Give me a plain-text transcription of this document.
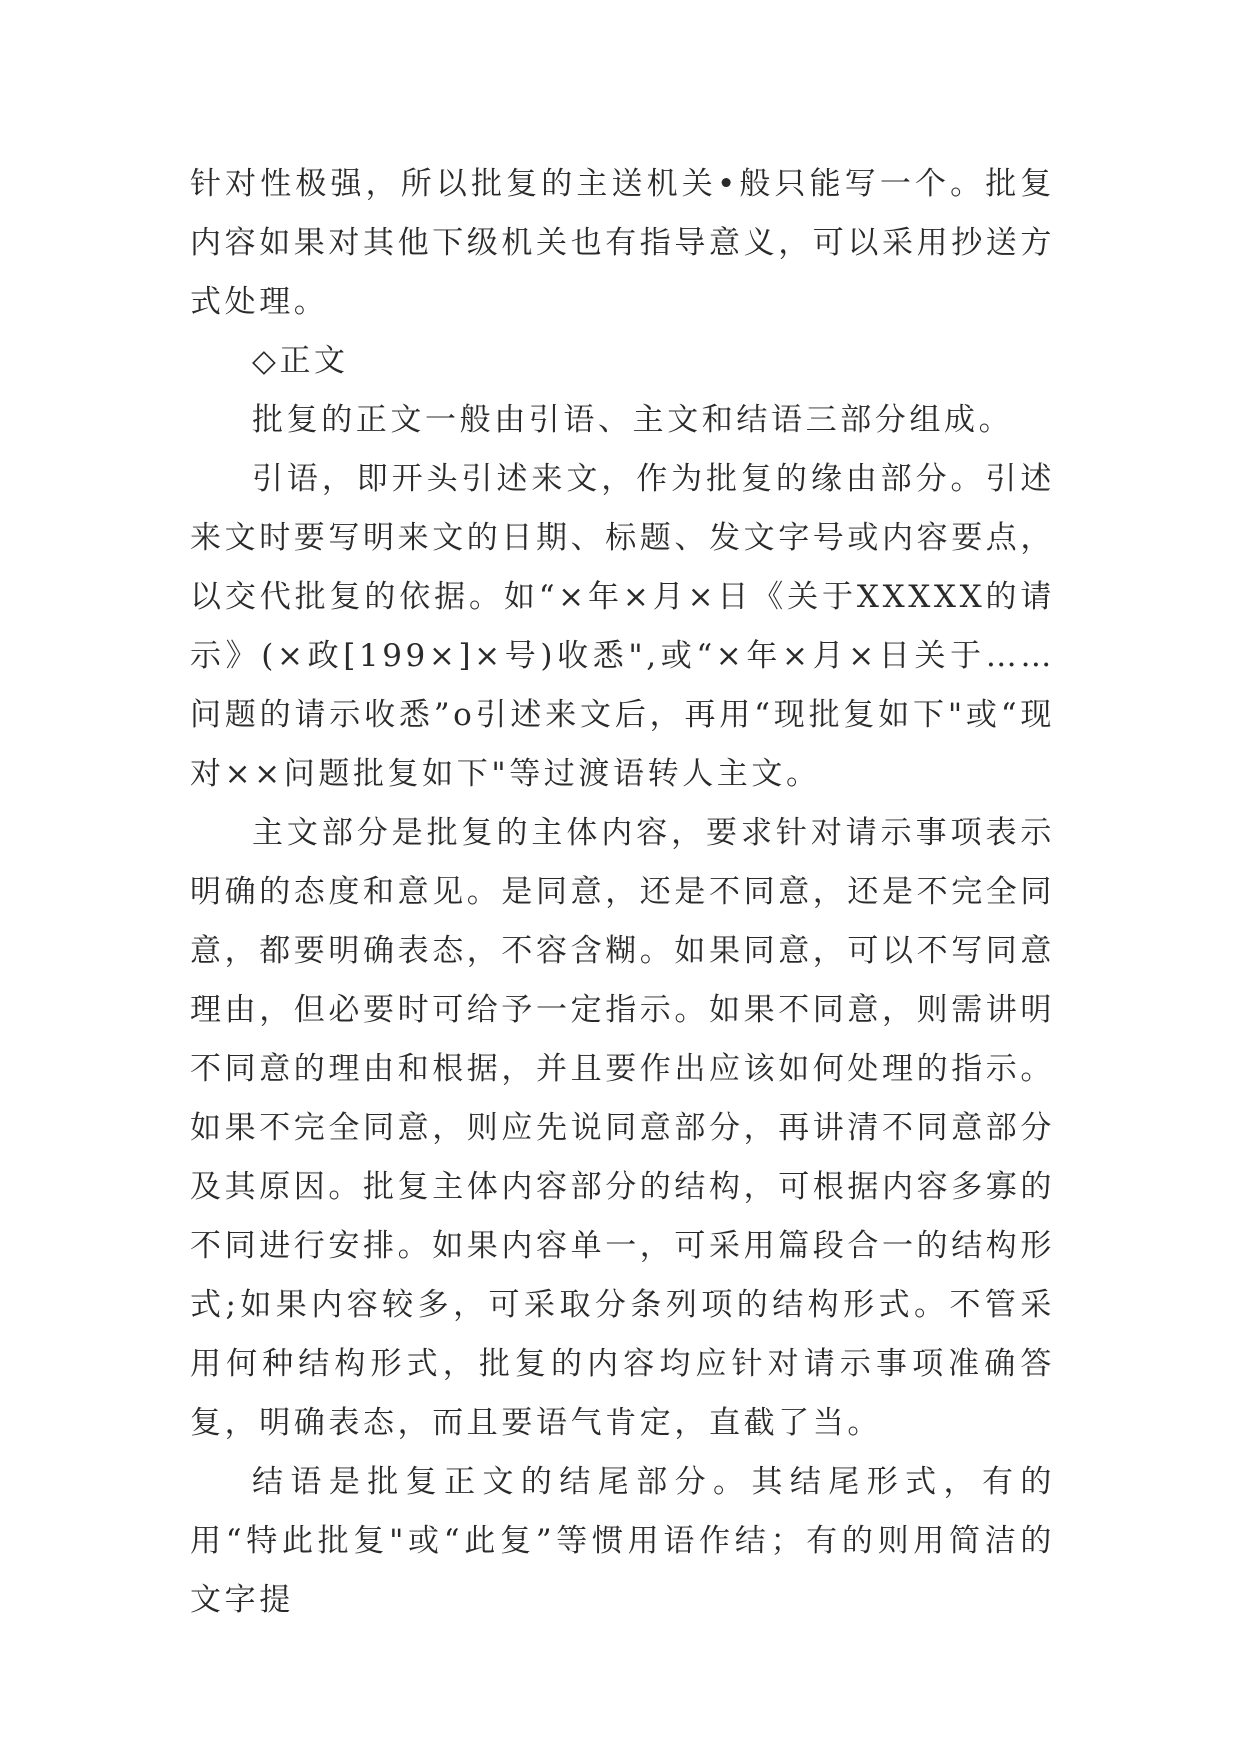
针对性极强，所以批复的主送机关•般只能写一个。批复内容如果对其他下级机关也有指导意义，可以采用抄送方式处理。

◇正文

批复的正文一般由引语、主文和结语三部分组成。

引语，即开头引述来文，作为批复的缘由部分。引述来文时要写明来文的日期、标题、发文字号或内容要点，以交代批复的依据。如“×年×月×日《关于XXXXX的请示》(×政[199×]×号)收悉",或“×年×月×日关于……问题的请示收悉”o引述来文后，再用“现批复如下"或“现对××问题批复如下"等过渡语转人主文。

主文部分是批复的主体内容，要求针对请示事项表示明确的态度和意见。是同意，还是不同意，还是不完全同意，都要明确表态，不容含糊。如果同意，可以不写同意理由，但必要时可给予一定指示。如果不同意，则需讲明不同意的理由和根据，并且要作出应该如何处理的指示。如果不完全同意，则应先说同意部分，再讲清不同意部分及其原因。批复主体内容部分的结构，可根据内容多寡的不同进行安排。如果内容单一，可采用篇段合一的结构形式;如果内容较多，可采取分条列项的结构形式。不管采用何种结构形式，批复的内容均应针对请示事项准确答复，明确表态，而且要语气肯定，直截了当。

结语是批复正文的结尾部分。其结尾形式，有的用“特此批复"或“此复”等惯用语作结；有的则用简洁的文字提
